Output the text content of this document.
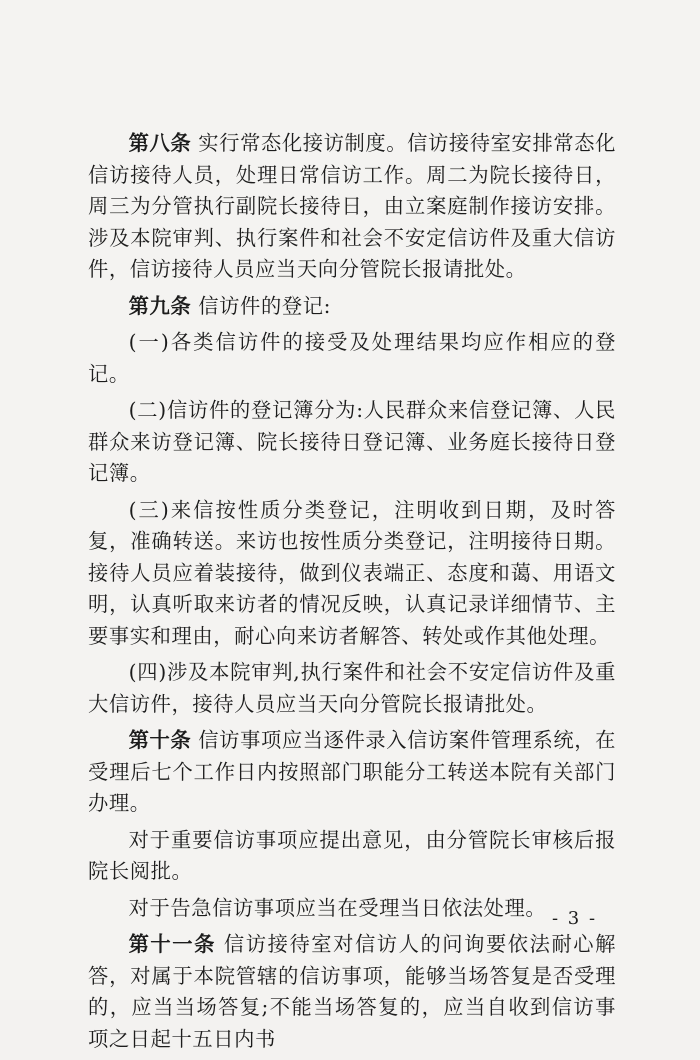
第八条 实行常态化接访制度。信访接待室安排常态化信访接待人员，处理日常信访工作。周二为院长接待日，周三为分管执行副院长接待日，由立案庭制作接访安排。涉及本院审判、执行案件和社会不安定信访件及重大信访件，信访接待人员应当天向分管院长报请批处。

第九条 信访件的登记:

(一)各类信访件的接受及处理结果均应作相应的登记。

(二)信访件的登记簿分为:人民群众来信登记簿、人民群众来访登记簿、院长接待日登记簿、业务庭长接待日登记簿。

(三)来信按性质分类登记，注明收到日期，及时答复，准确转送。来访也按性质分类登记，注明接待日期。接待人员应着装接待，做到仪表端正、态度和蔼、用语文明，认真听取来访者的情况反映，认真记录详细情节、主要事实和理由，耐心向来访者解答、转处或作其他处理。

(四)涉及本院审判,执行案件和社会不安定信访件及重大信访件，接待人员应当天向分管院长报请批处。

第十条 信访事项应当逐件录入信访案件管理系统，在受理后七个工作日内按照部门职能分工转送本院有关部门办理。

对于重要信访事项应提出意见，由分管院长审核后报院长阅批。

对于告急信访事项应当在受理当日依法处理。

第十一条 信访接待室对信访人的问询要依法耐心解答，对属于本院管辖的信访事项，能够当场答复是否受理的，应当当场答复;不能当场答复的，应当自收到信访事项之日起十五日内书

- 3 -
